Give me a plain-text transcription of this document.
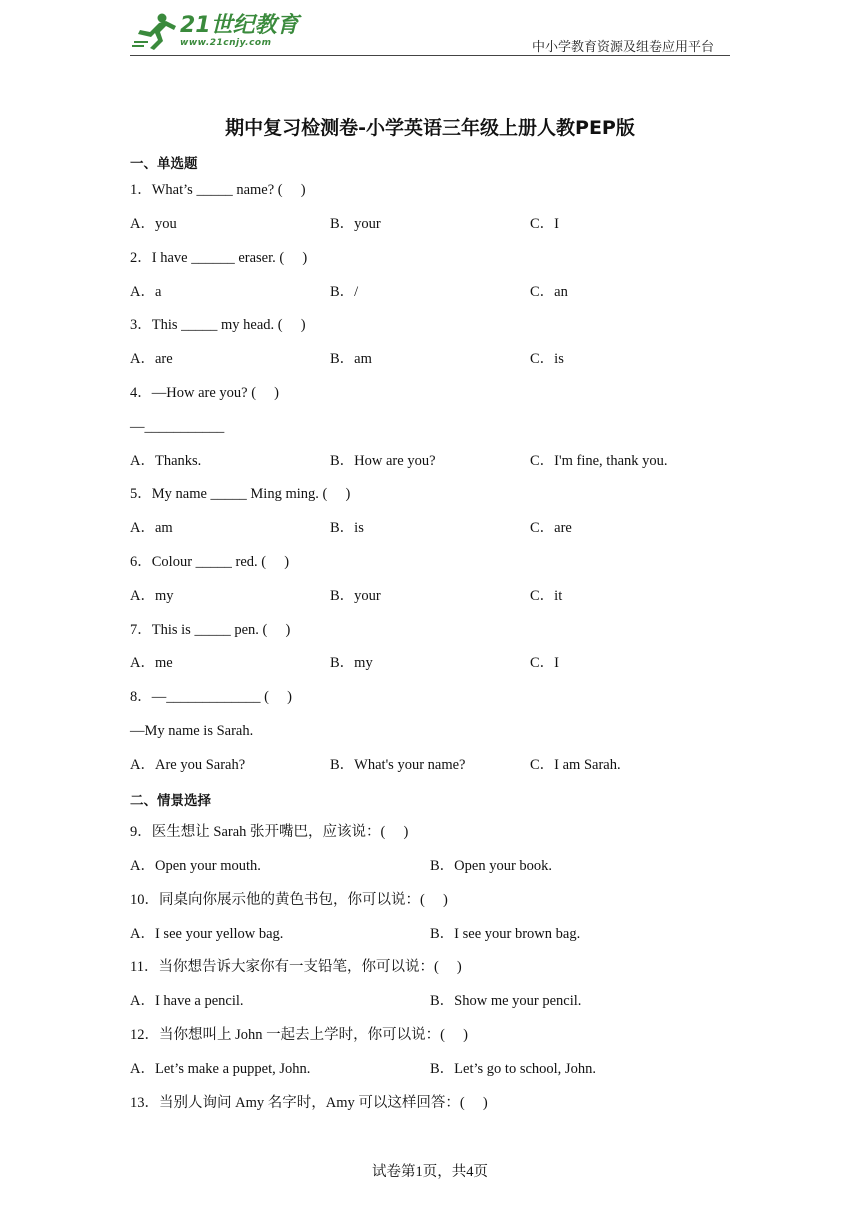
21世纪教育
www.21cnjy.com	中小学教育资源及组卷应用平台
期中复习检测卷-小学英语三年级上册人教PEP版
一、单选题
1．What’s _____ name? (     )
A．you	B．your	C．I
2．I have ______ eraser. (     )
A．a	B．/	C．an
3．This _____ my head. (     )
A．are	B．am	C．is
4．—How are you? (     )
—___________
A．Thanks.	B．How are you?	C．I'm fine, thank you.
5．My name _____ Ming ming. (     )
A．am	B．is	C．are
6．Colour _____ red. (     )
A．my	B．your	C．it
7．This is _____ pen. (     )
A．me	B．my	C．I
8．—_____________ (     )
—My name is Sarah.
A．Are you Sarah?	B．What's your name?	C．I am Sarah.
二、情景选择
9．医生想让 Sarah 张开嘴巴，应该说：(     )
A．Open your mouth.	B．Open your book.
10．同桌向你展示他的黄色书包，你可以说：(     )
A．I see your yellow bag.	B．I see your brown bag.
11．当你想告诉大家你有一支铅笔，你可以说：(     )
A．I have a pencil.	B．Show me your pencil.
12．当你想叫上 John 一起去上学时，你可以说：(     )
A．Let’s make a puppet, John.	B．Let’s go to school, John.
13．当别人询问 Amy 名字时，Amy 可以这样回答：(     )
试卷第1页，共4页
